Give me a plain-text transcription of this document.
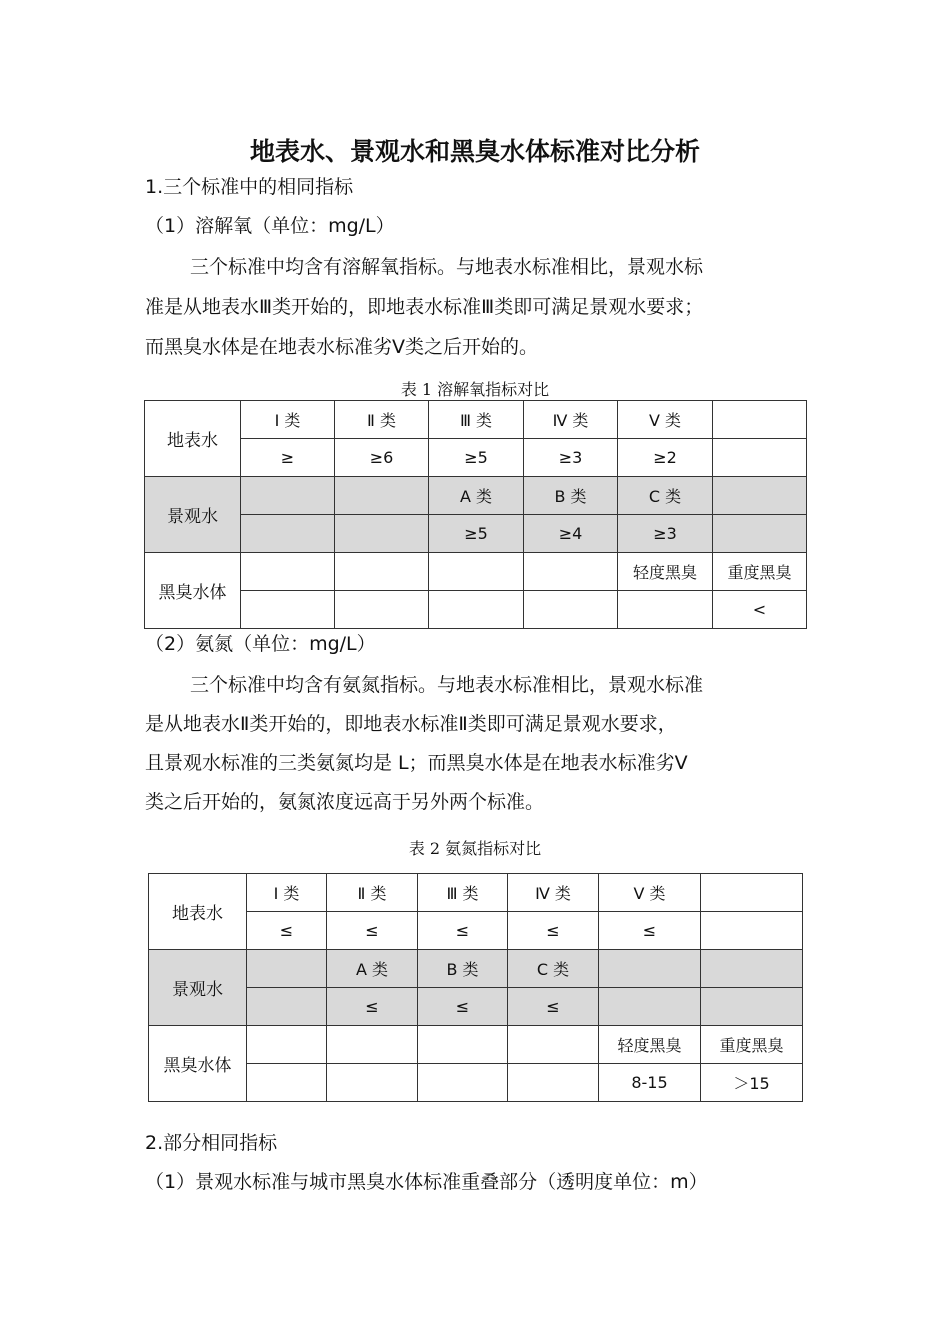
地表水、景观水和黑臭水体标准对比分析
1.三个标准中的相同指标
（1）溶解氧（单位：mg/L）
三个标准中均含有溶解氧指标。与地表水标准相比，景观水标
准是从地表水Ⅲ类开始的，即地表水标准Ⅲ类即可满足景观水要求；
而黑臭水体是在地表水标准劣Ⅴ类之后开始的。
表 1 溶解氧指标对比
地表水	Ⅰ 类	Ⅱ 类	Ⅲ 类	Ⅳ 类	Ⅴ 类	
	≥	≥6	≥5	≥3	≥2	
景观水			A 类	B 类	C 类	
			≥5	≥4	≥3	
黑臭水体					轻度黑臭	重度黑臭
						<
（2）氨氮（单位：mg/L）
三个标准中均含有氨氮指标。与地表水标准相比，景观水标准
是从地表水Ⅱ类开始的，即地表水标准Ⅱ类即可满足景观水要求，
且景观水标准的三类氨氮均是 L；而黑臭水体是在地表水标准劣Ⅴ
类之后开始的，氨氮浓度远高于另外两个标准。
表 2 氨氮指标对比
地表水	Ⅰ 类	Ⅱ 类	Ⅲ 类	Ⅳ 类	Ⅴ 类	
	≤	≤	≤	≤	≤	
景观水		A 类	B 类	C 类		
		≤	≤	≤		
黑臭水体					轻度黑臭	重度黑臭
					8-15	＞15
2.部分相同指标
（1）景观水标准与城市黑臭水体标准重叠部分（透明度单位：m）
